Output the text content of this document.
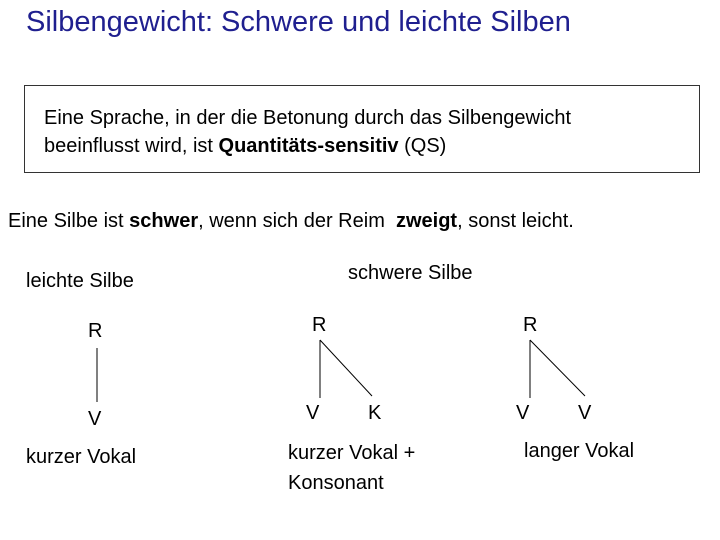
Silbengewicht: Schwere und leichte Silben
Eine Sprache, in der die Betonung durch das Silbengewicht
beeinflusst wird, ist Quantitäts-sensitiv (QS)
Eine Silbe ist schwer, wenn sich der Reim  zweigt, sonst leicht.
leichte Silbe	schwere Silbe
R
V
kurzer Vokal
R
V K
kurzer Vokal +
Konsonant
R
V V
langer Vokal
